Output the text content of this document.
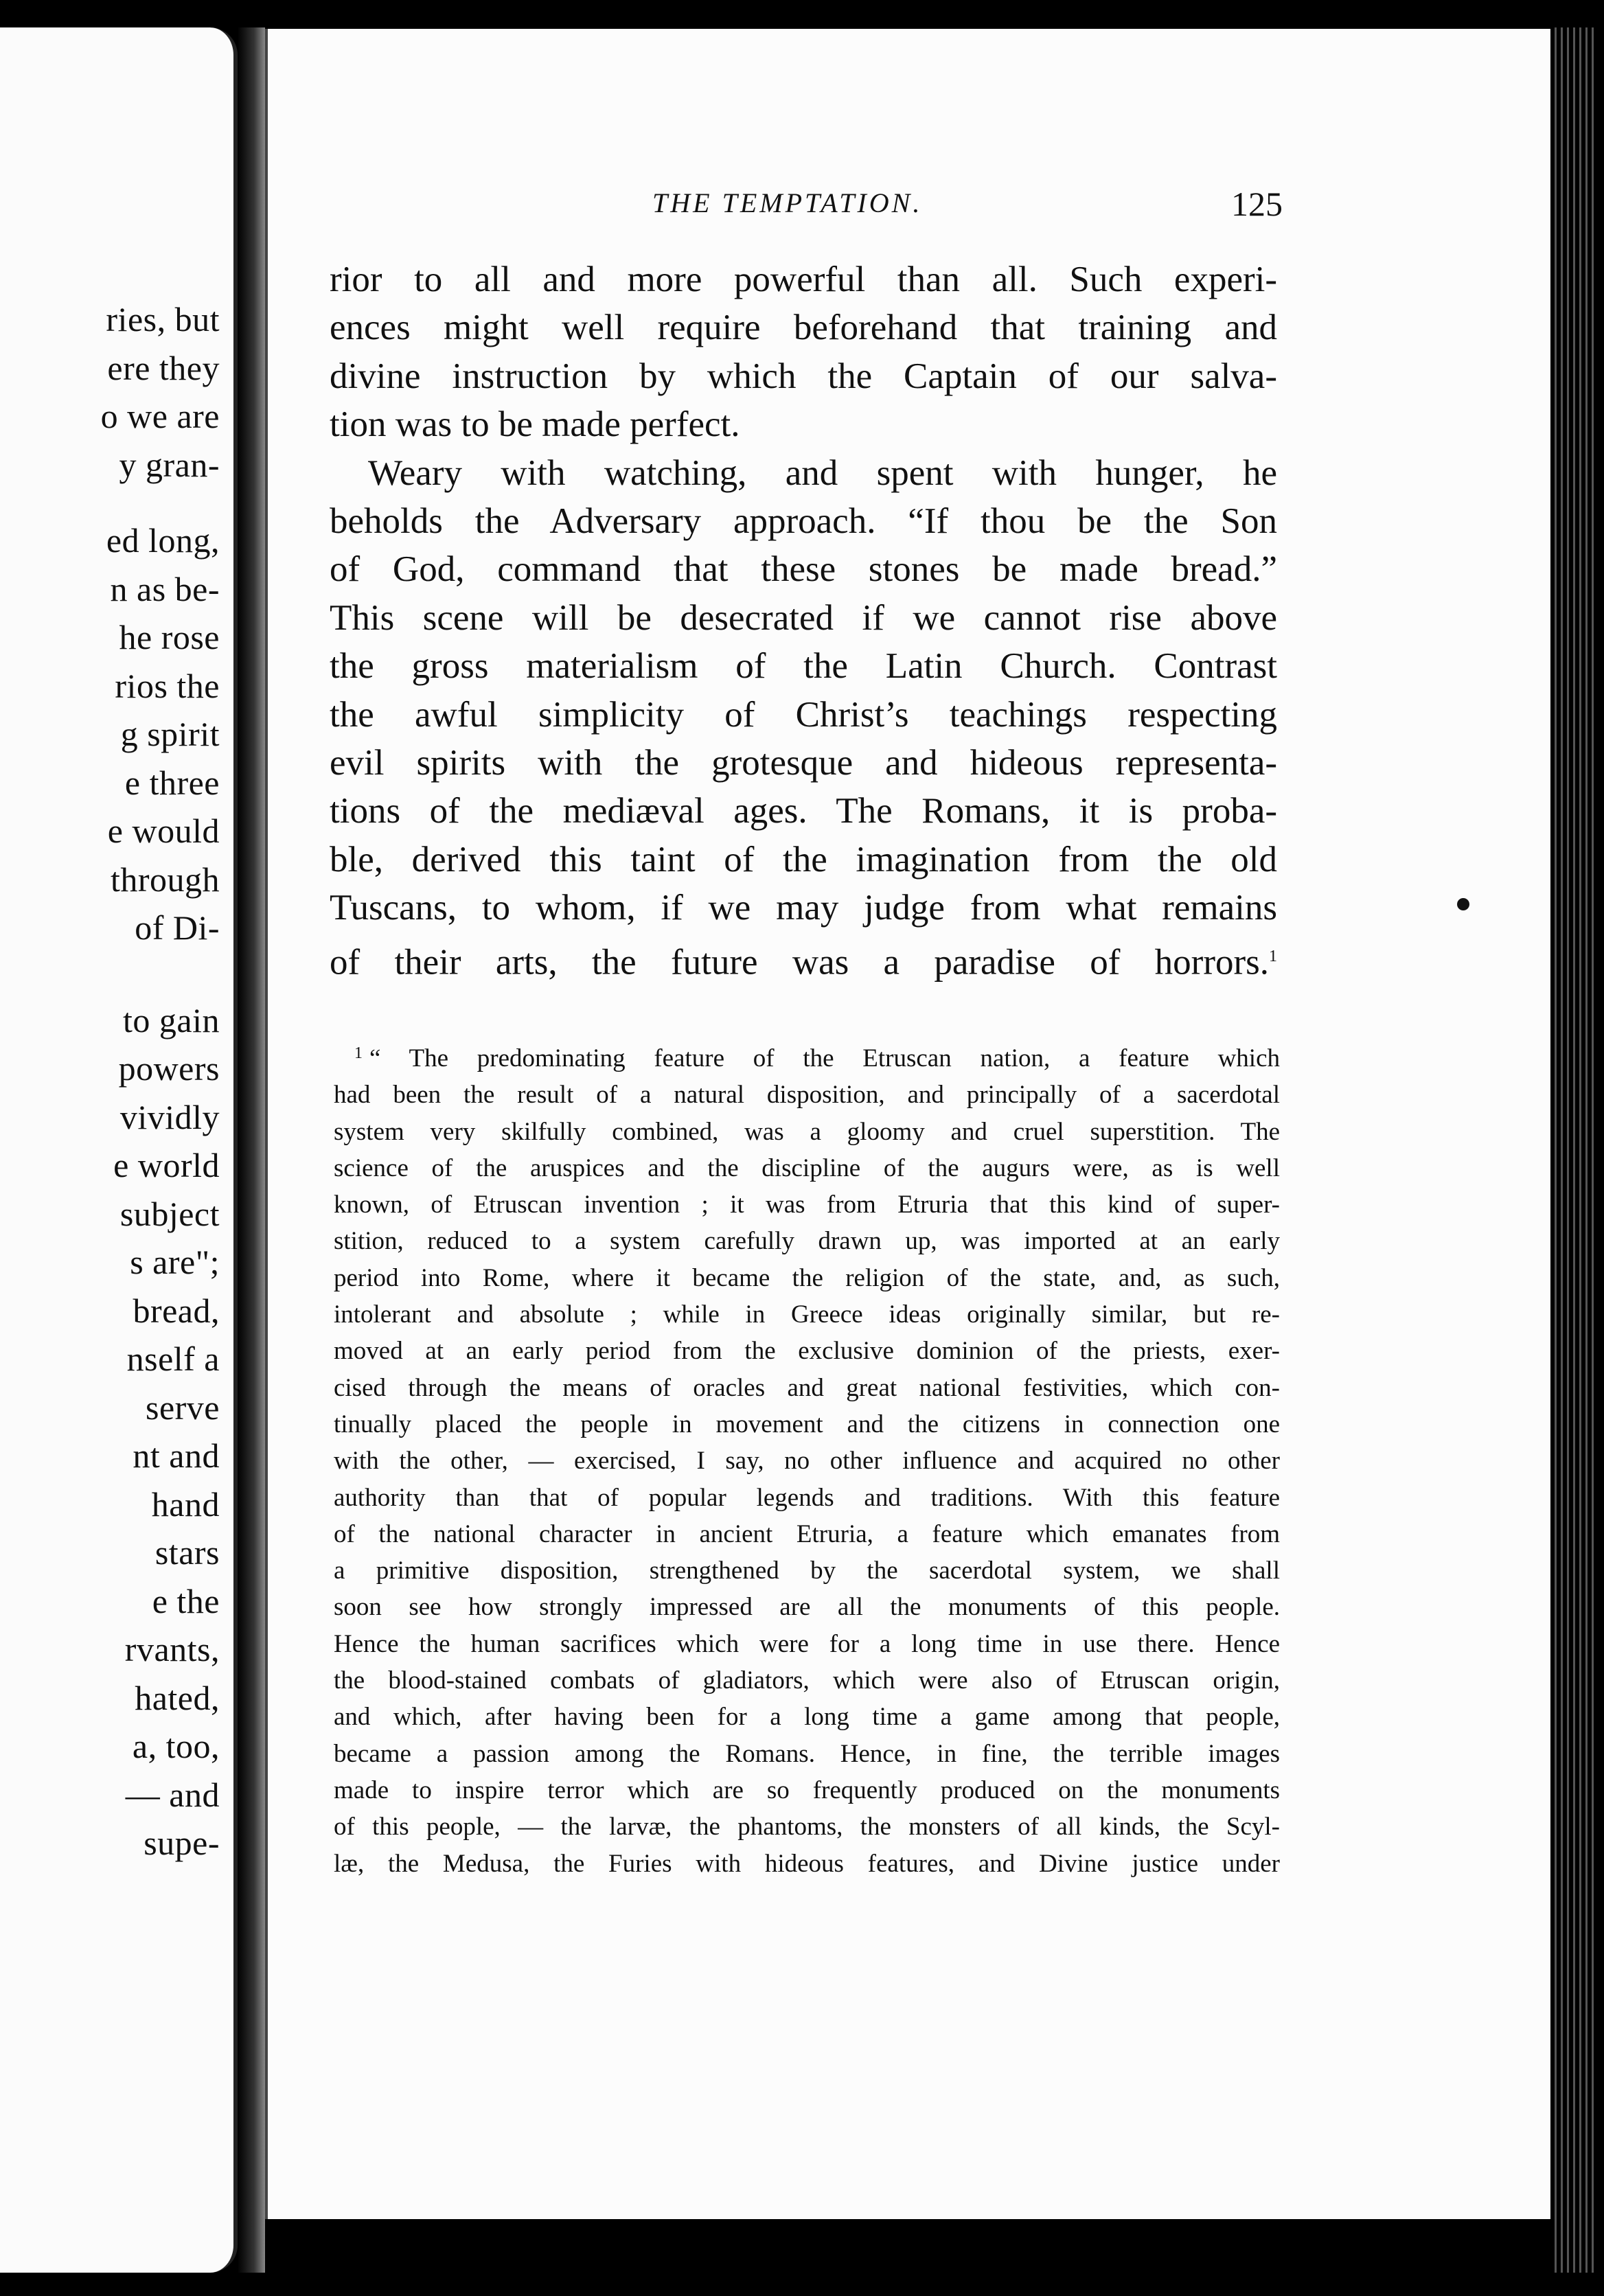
ries, but
ere they
o we are
y gran-
ed long,
n as be-
he rose
rios the
g spirit
e three
e would
through
of Di-
to gain
powers
vividly
e world
subject
s are";
bread,
nself a
serve
nt and
hand
stars
e the
rvants,
hated,
a, too,
— and
supe-
THE TEMPTATION.	125
rior to all and more powerful than all. Such experi-
ences might well require beforehand that training and
divine instruction by which the Captain of our salva-
tion was to be made perfect.
Weary with watching, and spent with hunger, he
beholds the Adversary approach. “If thou be the Son
of God, command that these stones be made bread.”
This scene will be desecrated if we cannot rise above
the gross materialism of the Latin Church. Contrast
the awful simplicity of Christ’s teachings respecting
evil spirits with the grotesque and hideous representa-
tions of the mediæval ages. The Romans, it is proba-
ble, derived this taint of the imagination from the old
Tuscans, to whom, if we may judge from what remains
of their arts, the future was a paradise of horrors.$^1$
$^1$ “ The predominating feature of the Etruscan nation, a feature which
had been the result of a natural disposition, and principally of a sacerdotal
system very skilfully combined, was a gloomy and cruel superstition. The
science of the aruspices and the discipline of the augurs were, as is well
known, of Etruscan invention ; it was from Etruria that this kind of super-
stition, reduced to a system carefully drawn up, was imported at an early
period into Rome, where it became the religion of the state, and, as such,
intolerant and absolute ; while in Greece ideas originally similar, but re-
moved at an early period from the exclusive dominion of the priests, exer-
cised through the means of oracles and great national festivities, which con-
tinually placed the people in movement and the citizens in connection one
with the other, — exercised, I say, no other influence and acquired no other
authority than that of popular legends and traditions. With this feature
of the national character in ancient Etruria, a feature which emanates from
a primitive disposition, strengthened by the sacerdotal system, we shall
soon see how strongly impressed are all the monuments of this people.
Hence the human sacrifices which were for a long time in use there. Hence
the blood-stained combats of gladiators, which were also of Etruscan origin,
and which, after having been for a long time a game among that people,
became a passion among the Romans. Hence, in fine, the terrible images
made to inspire terror which are so frequently produced on the monuments
of this people, — the larvæ, the phantoms, the monsters of all kinds, the Scyl-
læ, the Medusa, the Furies with hideous features, and Divine justice under
